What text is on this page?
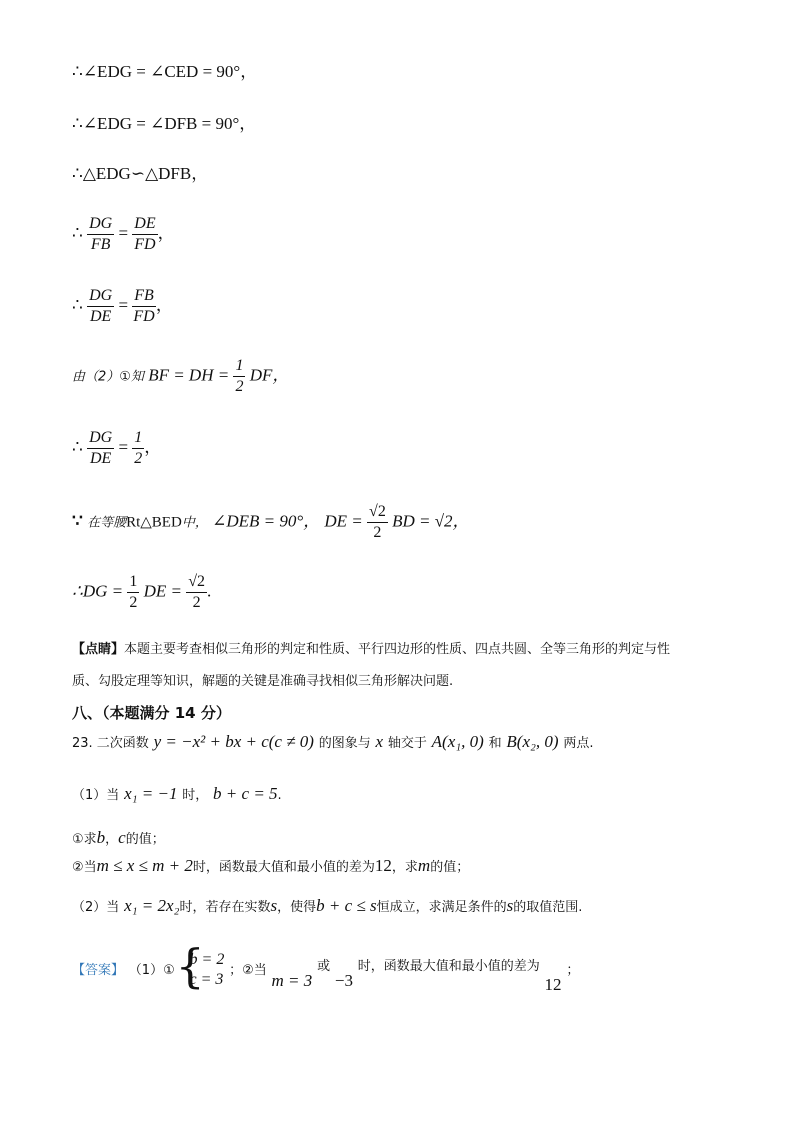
∴∠EDG = ∠CED = 90°，
∴∠EDG = ∠DFB = 90°，
∴△EDG∽△DFB，
∴ $\frac{DG}{FB} = \frac{DE}{FD}$ ，
∴ $\frac{DG}{DE} = \frac{FB}{FD}$ ，
由（2）①知 BF = DH = $\frac{1}{2}$ DF，
∴ $\frac{DG}{DE} = \frac{1}{2}$ ，
∵ 在等腰Rt△BED中， ∠DEB = 90°， DE = $\frac{√2}{2}$ BD = √2，
∴DG = $\frac{1}{2}$ DE = $\frac{√2}{2}$ .
【点睛】本题主要考查相似三角形的判定和性质、平行四边形的性质、四点共圆、全等三角形的判定与性
质、勾股定理等知识，解题的关键是准确寻找相似三角形解决问题.
八、（本题满分 14 分）
23. 二次函数 y = −x² + bx + c(c ≠ 0) 的图象与 x 轴交于 A(x₁, 0) 和 B(x₂, 0) 两点.
（1）当 x₁ = −1 时， b + c = 5.
①求b，c的值；
②当m ≤ x ≤ m + 2时，函数最大值和最小值的差为12，求m的值；
（2）当 x₁ = 2x₂时，若存在实数s，使得b + c ≤ s恒成立，求满足条件的s的取值范围.
【答案】 （1）①
{ b = 2
c = 3
；②当 m = 3 或 −3 时，函数最大值和最小值的差为 12 ；
